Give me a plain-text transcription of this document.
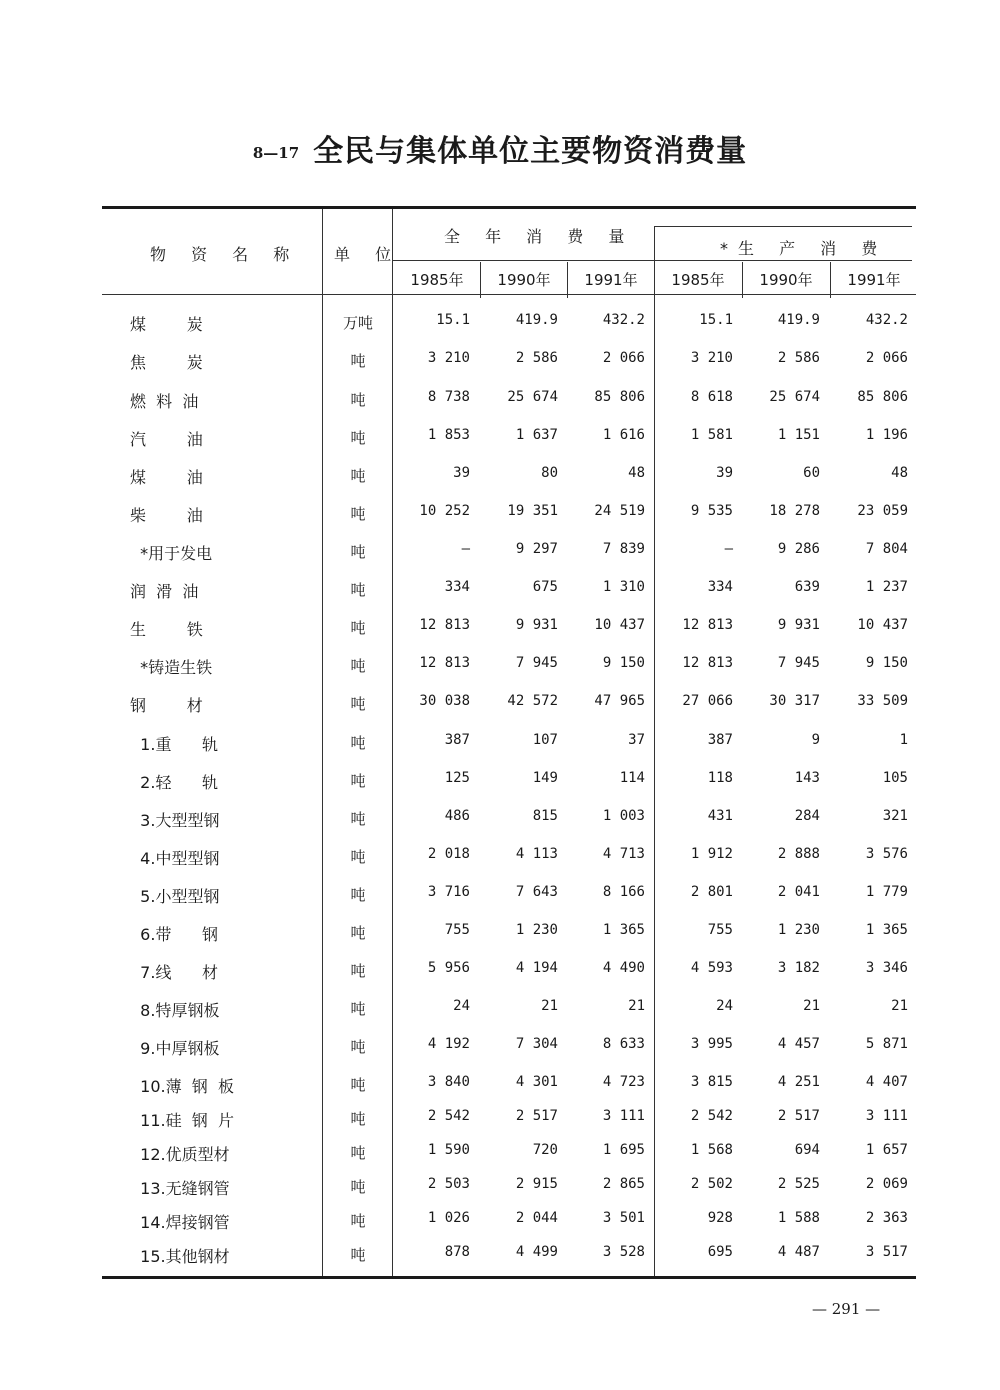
8—17 全民与集体单位主要物资消费量
物 资 名 称 单 位
全 年 消 费 量
*生 产 消 费
1985年	1990年	1991年	1985年	1990年	1991年
煤        炭	万吨	15.1	419.9	432.2	15.1	419.9	432.2
焦        炭	吨	3 210	2 586	2 066	3 210	2 586	2 066
燃  料  油	吨	8 738	25 674	85 806	8 618	25 674	85 806
汽        油	吨	1 853	1 637	1 616	1 581	1 151	1 196
煤        油	吨	39	80	48	39	60	48
柴        油	吨	10 252	19 351	24 519	9 535	18 278	23 059
*用于发电	吨	—	9 297	7 839	—	9 286	7 804
润  滑  油	吨	334	675	1 310	334	639	1 237
生        铁	吨	12 813	9 931	10 437	12 813	9 931	10 437
*铸造生铁	吨	12 813	7 945	9 150	12 813	7 945	9 150
钢        材	吨	30 038	42 572	47 965	27 066	30 317	33 509
1.重      轨	吨	387	107	37	387	9	1
2.轻      轨	吨	125	149	114	118	143	105
3.大型型钢	吨	486	815	1 003	431	284	321
4.中型型钢	吨	2 018	4 113	4 713	1 912	2 888	3 576
5.小型型钢	吨	3 716	7 643	8 166	2 801	2 041	1 779
6.带      钢	吨	755	1 230	1 365	755	1 230	1 365
7.线      材	吨	5 956	4 194	4 490	4 593	3 182	3 346
8.特厚钢板	吨	24	21	21	24	21	21
9.中厚钢板	吨	4 192	7 304	8 633	3 995	4 457	5 871
10.薄  钢  板	吨	3 840	4 301	4 723	3 815	4 251	4 407
11.硅  钢  片	吨	2 542	2 517	3 111	2 542	2 517	3 111
12.优质型材	吨	1 590	720	1 695	1 568	694	1 657
13.无缝钢管	吨	2 503	2 915	2 865	2 502	2 525	2 069
14.焊接钢管	吨	1 026	2 044	3 501	928	1 588	2 363
15.其他钢材	吨	878	4 499	3 528	695	4 487	3 517
— 291 —
